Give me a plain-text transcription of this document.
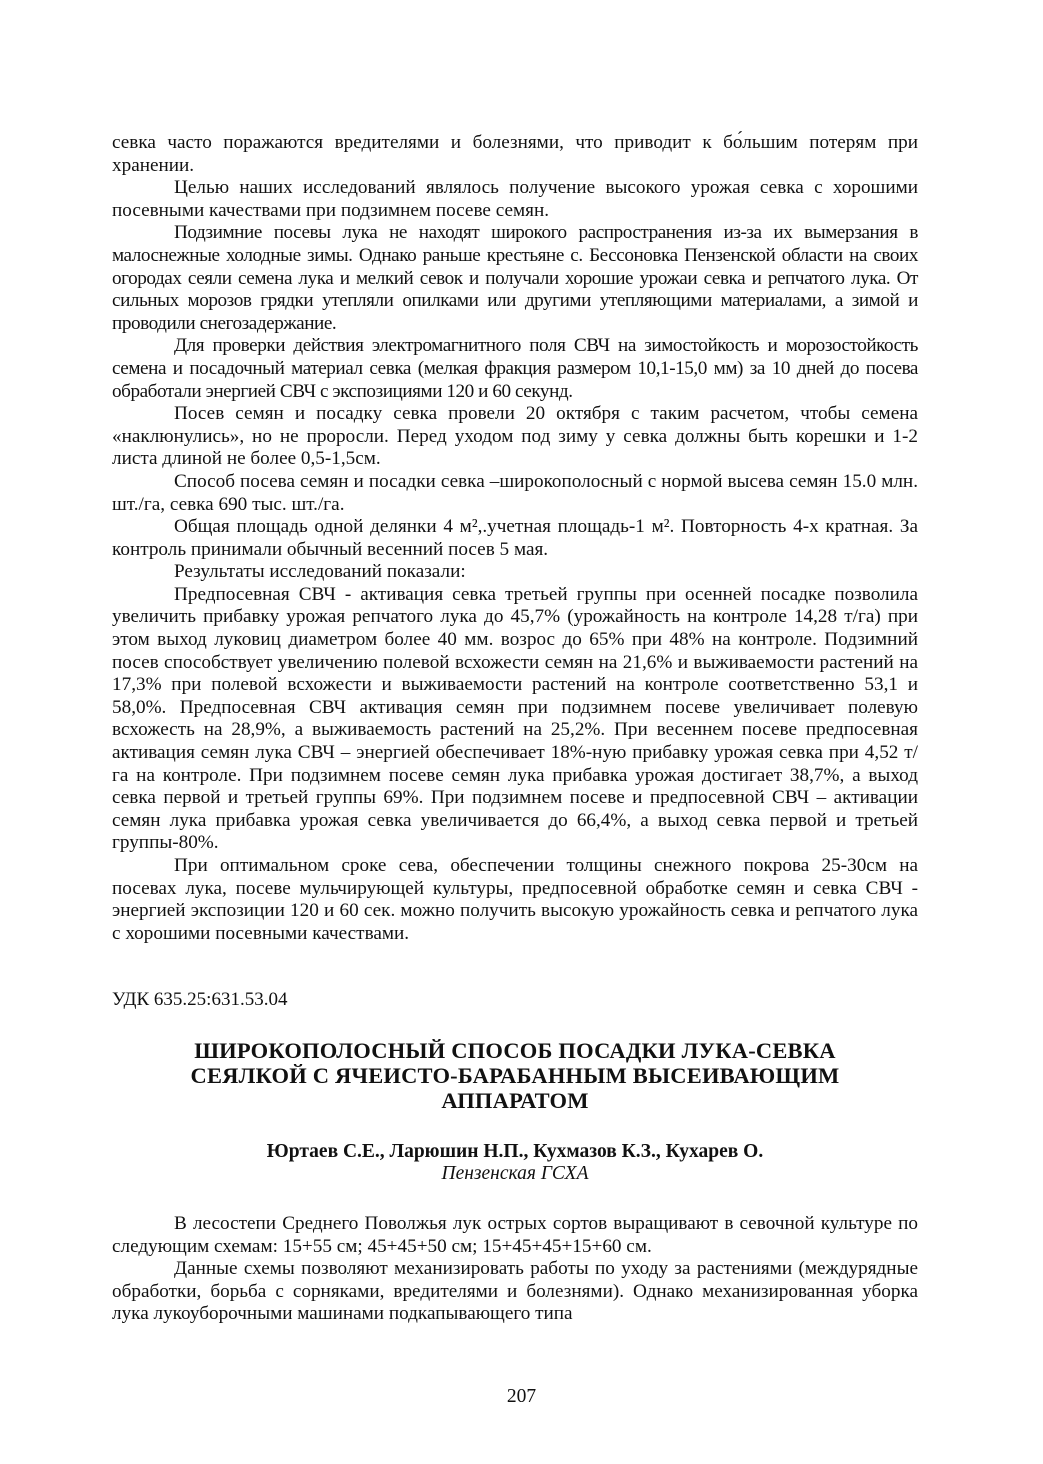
севка часто поражаются вредителями и болезнями, что приводит к бо́льшим потерям при хранении.

Целью наших исследований являлось получение высокого урожая севка с хорошими посевными качествами при подзимнем посеве семян.

Подзимние посевы лука не находят широкого распространения из-за их вымерзания в малоснежные холодные зимы. Однако раньше крестьяне с. Бессоновка Пензенской области на своих огородах сеяли семена лука и мелкий севок и получали хорошие урожаи севка и репчатого лука. От сильных морозов грядки утепляли опилками или другими утепляющими материалами, а зимой и проводили снегозадержание.

Для проверки действия электромагнитного поля СВЧ на зимостойкость и морозостойкость семена и посадочный материал севка (мелкая фракция размером 10,1-15,0 мм) за 10 дней до посева обработали энергией СВЧ с экспозициями 120 и 60 секунд.

Посев семян и посадку севка провели 20 октября с таким расчетом, чтобы семена «наклюнулись», но не проросли. Перед уходом под зиму у севка должны быть корешки и 1-2 листа длиной не более 0,5-1,5см.

Способ посева семян и посадки севка –широкополосный с нормой высева семян 15.0 млн. шт./га, севка 690 тыс. шт./га.

Общая площадь одной делянки 4 м²,.учетная площадь-1 м². Повторность 4-х кратная. За контроль принимали обычный весенний посев 5 мая.

Результаты исследований показали:

Предпосевная СВЧ - активация севка третьей группы при осенней посадке позволила увеличить прибавку урожая репчатого лука до 45,7% (урожайность на контроле 14,28 т/га) при этом выход луковиц диаметром более 40 мм. возрос до 65% при 48% на контроле. Подзимний посев способствует увеличению полевой всхожести семян на 21,6% и выживаемости растений на 17,3% при полевой всхожести и выживаемости растений на контроле соответственно 53,1 и 58,0%. Предпосевная СВЧ активация семян при подзимнем посеве увеличивает полевую всхожесть на 28,9%, а выживаемость растений на 25,2%. При весеннем посеве предпосевная активация семян лука СВЧ – энергией обеспечивает 18%-ную прибавку урожая севка при 4,52 т/га на контроле. При подзимнем посеве семян лука прибавка урожая достигает 38,7%, а выход севка первой и третьей группы 69%. При подзимнем посеве и предпосевной СВЧ – активации семян лука прибавка урожая севка увеличивается до 66,4%, а выход севка первой и третьей группы-80%.

При оптимальном сроке сева, обеспечении толщины снежного покрова 25-30см на посевах лука, посеве мульчирующей культуры, предпосевной обработке семян и севка СВЧ - энергией экспозиции 120 и 60 сек. можно получить высокую урожайность севка и репчатого лука с хорошими посевными качествами.

УДК 635.25:631.53.04
ШИРОКОПОЛОСНЫЙ СПОСОБ ПОСАДКИ ЛУКА-СЕВКА
СЕЯЛКОЙ С ЯЧЕИСТО-БАРАБАННЫМ ВЫСЕИВАЮЩИМ
АППАРАТОМ
Юртаев С.Е., Ларюшин Н.П., Кухмазов К.З., Кухарев О.
Пензенская ГСХА

В лесостепи Среднего Поволжья лук острых сортов выращивают в севочной культуре по следующим схемам: 15+55 см; 45+45+50 см; 15+45+45+15+60 см.

Данные схемы позволяют механизировать работы по уходу за растениями (междурядные обработки, борьба с сорняками, вредителями и болезнями). Однако механизированная уборка лука лукоуборочными машинами подкапывающего типа

207
